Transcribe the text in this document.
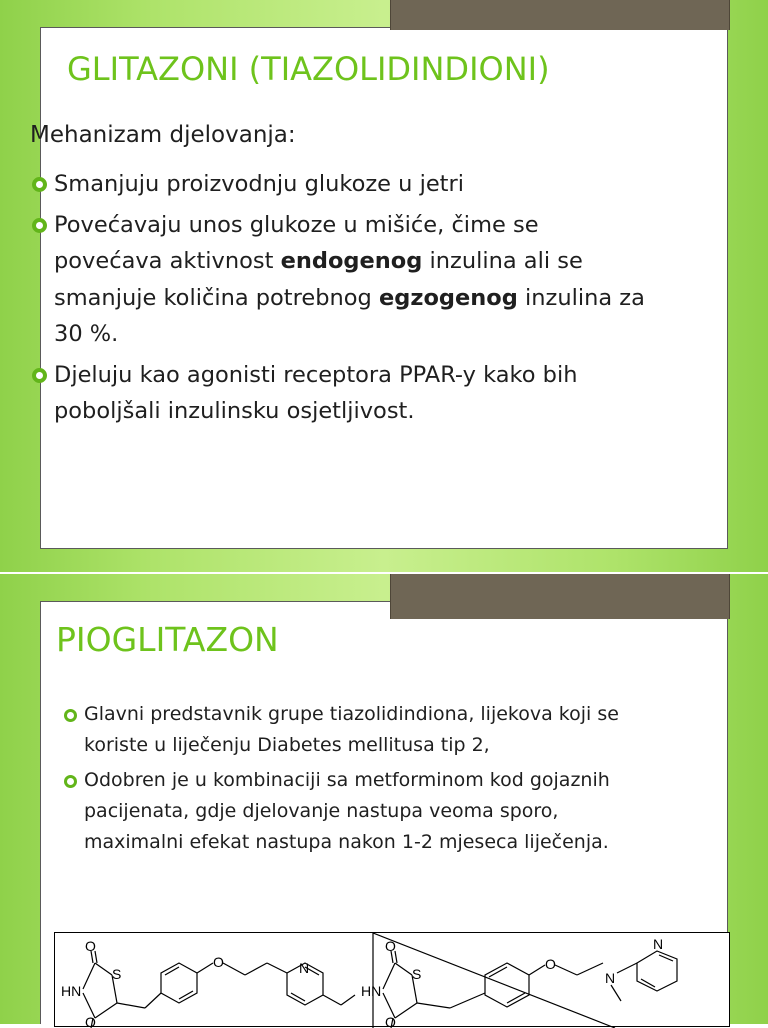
GLITAZONI (TIAZOLIDINDIONI)
Mehanizam djelovanja:
Smanjuju proizvodnju glukoze u jetri
Povećavaju unos glukoze u mišiće, čime se povećava aktivnost endogenog inzulina ali se smanjuje količina potrebnog egzogenog inzulina za 30 %.
Djeluju kao agonisti receptora PPAR-y kako bih poboljšali inzulinsku osjetljivost.
PIOGLITAZON
Glavni predstavnik grupe tiazolidindiona, lijekova koji se koriste u liječenju Diabetes mellitusa tip 2,
Odobren je u kombinaciji sa metforminom kod gojaznih pacijenata, gdje djelovanje nastupa veoma sporo, maximalni efekat nastupa nakon 1-2 mjeseca liječenja.
O
S
HN
O
O	N
O
S
HN
O
O
N
N
